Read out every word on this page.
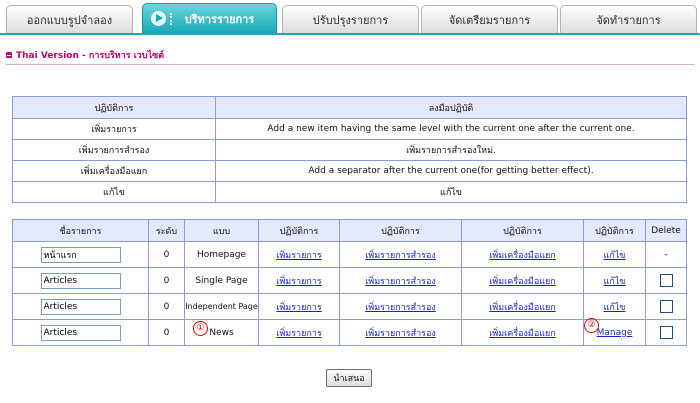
ออกแบบรูปจำลอง	บริหารรายการ	ปรับปรุงรายการ	จัดเตรียมรายการ	จัดทำรายการ
Thai Version - การบริหาร เวบไซต์
ปฏิบัติการ	ลงมือปฏิบัติ
เพิ่มรายการ	Add a new item having the same level with the current one after the current one.
เพิ่มรายการสำรอง	เพิ่มรายการสำรองใหม่.
เพิ่มเครื่องมือแยก	Add a separator after the current one(for getting better effect).
แก้ไข	แก้ไข
ชื่อรายการ	ระดับ	แบบ	ปฏิบัติการ	ปฏิบัติการ	ปฏิบัติการ	ปฏิบัติการ	Delete
หน้าแรก	0	Homepage	เพิ่มรายการ	เพิ่มรายการสำรอง	เพิ่มเครื่องมือแยก	แก้ไข	-
Articles	0	Single Page	เพิ่มรายการ	เพิ่มรายการสำรอง	เพิ่มเครื่องมือแยก	แก้ไข	
Articles	0	Independent Page	เพิ่มรายการ	เพิ่มรายการสำรอง	เพิ่มเครื่องมือแยก	แก้ไข	
Articles	0	News	เพิ่มรายการ	เพิ่มรายการสำรอง	เพิ่มเครื่องมือแยก	Manage	
①	②
นำเสนอ
